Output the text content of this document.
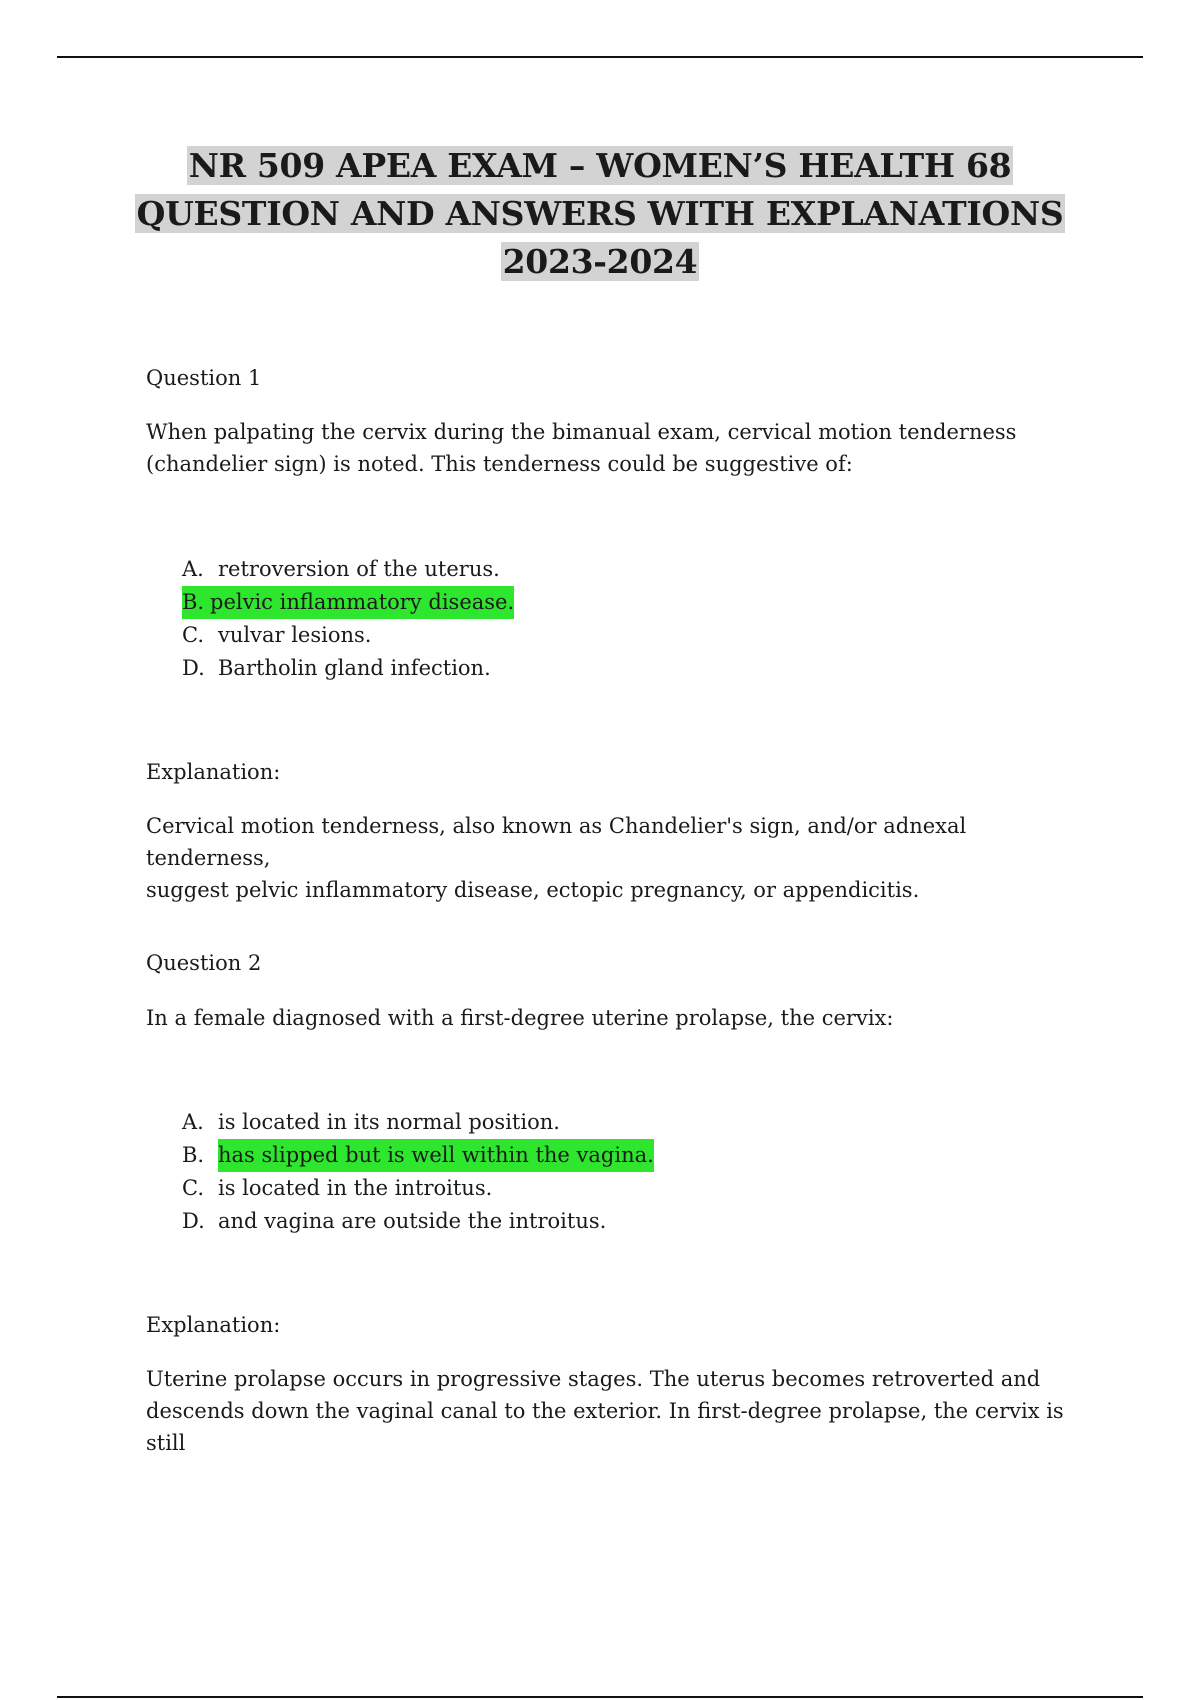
NR 509 APEA EXAM – WOMEN’S HEALTH 68
QUESTION AND ANSWERS WITH EXPLANATIONS
2023-2024
Question 1
When palpating the cervix during the bimanual exam, cervical motion tenderness
(chandelier sign) is noted. This tenderness could be suggestive of:
A. retroversion of the uterus.
B. pelvic inflammatory disease.
C. vulvar lesions.
D. Bartholin gland infection.
Explanation:
Cervical motion tenderness, also known as Chandelier's sign, and/or adnexal tenderness,
suggest pelvic inflammatory disease, ectopic pregnancy, or appendicitis.
Question 2
In a female diagnosed with a first-degree uterine prolapse, the cervix:
A. is located in its normal position.
B. has slipped but is well within the vagina.
C. is located in the introitus.
D. and vagina are outside the introitus.
Explanation:
Uterine prolapse occurs in progressive stages. The uterus becomes retroverted and
descends down the vaginal canal to the exterior. In first-degree prolapse, the cervix is still
